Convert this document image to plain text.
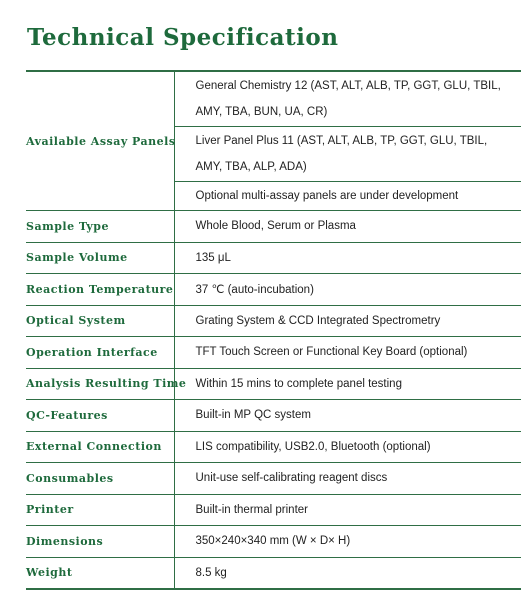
Technical Specification
Available Assay Panels	General Chemistry 12 (AST, ALT, ALB, TP, GGT, GLU, TBIL,
AMY, TBA, BUN, UA, CR)
Liver Panel Plus 11 (AST, ALT, ALB, TP, GGT, GLU, TBIL,
AMY, TBA, ALP, ADA)
Optional multi-assay panels are under development

Sample Type	Whole Blood, Serum or Plasma
Sample Volume	135 μL
Reaction Temperature	37 ℃ (auto-incubation)
Optical System	Grating System & CCD Integrated Spectrometry
Operation Interface	TFT Touch Screen or Functional Key Board (optional)
Analysis Resulting Time	Within 15 mins to complete panel testing
QC-Features	Built-in MP QC system
External Connection	LIS compatibility, USB2.0, Bluetooth (optional)
Consumables	Unit-use self-calibrating reagent discs
Printer	Built-in thermal printer
Dimensions	350×240×340 mm (W × D× H)
Weight	8.5 kg
